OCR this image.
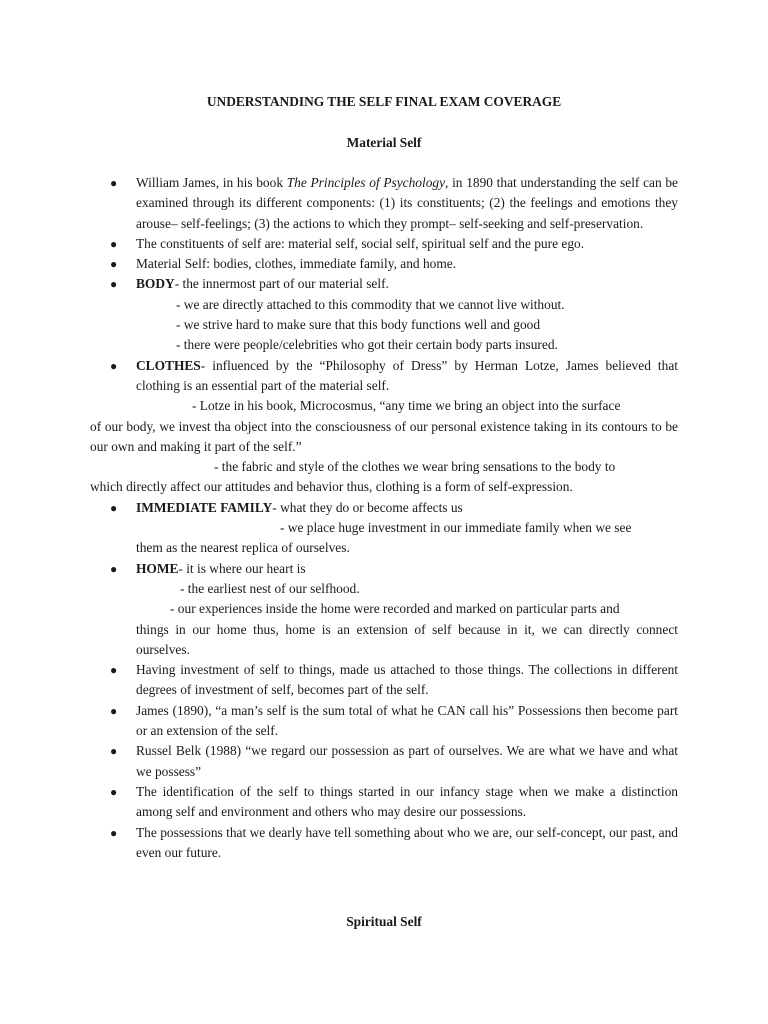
UNDERSTANDING THE SELF FINAL EXAM COVERAGE
Material Self
● William James, in his book The Principles of Psychology, in 1890 that understanding the self can be examined through its different components: (1) its constituents; (2) the feelings and emotions they arouse– self-feelings; (3) the actions to which they prompt– self-seeking and self-preservation.
● The constituents of self are: material self, social self, spiritual self and the pure ego.
● Material Self: bodies, clothes, immediate family, and home.
● BODY- the innermost part of our material self.
- we are directly attached to this commodity that we cannot live without.
- we strive hard to make sure that this body functions well and good
- there were people/celebrities who got their certain body parts insured.
● CLOTHES- influenced by the “Philosophy of Dress” by Herman Lotze, James believed that clothing is an essential part of the material self.
- Lotze in his book, Microcosmus, “any time we bring an object into the surface
of our body, we invest tha object into the consciousness of our personal existence taking in its contours to be our own and making it part of the self.”
- the fabric and style of the clothes we wear bring sensations to the body to
which directly affect our attitudes and behavior thus, clothing is a form of self-expression.
● IMMEDIATE FAMILY- what they do or become affects us
- we place huge investment in our immediate family when we see
them as the nearest replica of ourselves.
● HOME- it is where our heart is
- the earliest nest of our selfhood.
- our experiences inside the home were recorded and marked on particular parts and
things in our home thus, home is an extension of self because in it, we can directly connect ourselves.
● Having investment of self to things, made us attached to those things. The collections in different degrees of investment of self, becomes part of the self.
● James (1890), “a man’s self is the sum total of what he CAN call his” Possessions then become part or an extension of the self.
● Russel Belk (1988) “we regard our possession as part of ourselves. We are what we have and what we possess”
● The identification of the self to things started in our infancy stage when we make a distinction among self and environment and others who may desire our possessions.
● The possessions that we dearly have tell something about who we are, our self-concept, our past, and even our future.
Spiritual Self
